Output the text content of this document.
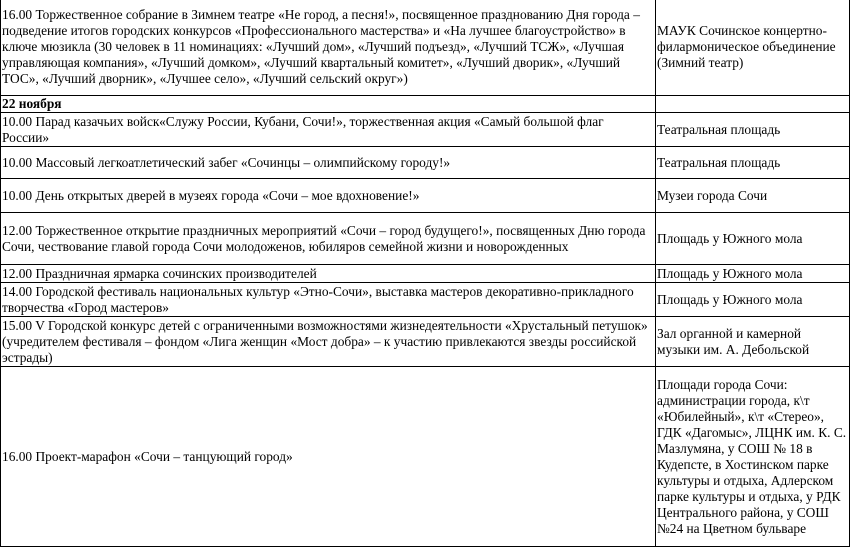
16.00 Торжественное собрание в Зимнем театре «Не город, а песня!», посвященное празднованию Дня города – подведение итогов городских конкурсов «Профессионального мастерства» и «На лучшее благоустройство» в ключе мюзикла (30 человек в 11 номинациях: «Лучший дом», «Лучший подъезд», «Лучший ТСЖ», «Лучшая управляющая компания», «Лучший домком», «Лучший квартальный комитет», «Лучший дворик», «Лучший ТОС», «Лучший дворник», «Лучшее село», «Лучший сельский округ»)	МАУК Сочинское концертно-филармоническое объединение (Зимний театр)
22 ноября	
10.00 Парад казачьих войск«Служу России, Кубани, Сочи!», торжественная акция «Самый большой флаг России»	Театральная площадь
10.00 Массовый легкоатлетический забег «Сочинцы – олимпийскому городу!»	Театральная площадь
10.00 День открытых дверей в музеях города «Сочи – мое вдохновение!»	Музеи города Сочи
12.00 Торжественное открытие праздничных мероприятий «Сочи – город будущего!», посвященных Дню города Сочи, чествование главой города Сочи молодоженов, юбиляров семейной жизни и новорожденных	Площадь у Южного мола
12.00 Праздничная ярмарка сочинских производителей	Площадь у Южного мола
14.00 Городской фестиваль национальных культур «Этно-Сочи», выставка мастеров декоративно-прикладного творчества «Город мастеров»	Площадь у Южного мола
15.00 V Городской конкурс детей с ограниченными возможностями жизнедеятельности «Хрустальный петушок» (учредителем фестиваля – фондом «Лига женщин «Мост добра» – к участию привлекаются звезды российской эстрады)	Зал органной и камерной музыки им. А. Дебольской
16.00 Проект-марафон «Сочи – танцующий город»	Площади города Сочи: администрации города, к\т «Юбилейный», к\т «Стерео», ГДК «Дагомыс», ЛЦНК им. К. С. Мазлумяна, у СОШ № 18 в Кудепсте, в Хостинском парке культуры и отдыха, Адлерском парке культуры и отдыха, у РДК Центрального района, у СОШ №24 на Цветном бульваре
